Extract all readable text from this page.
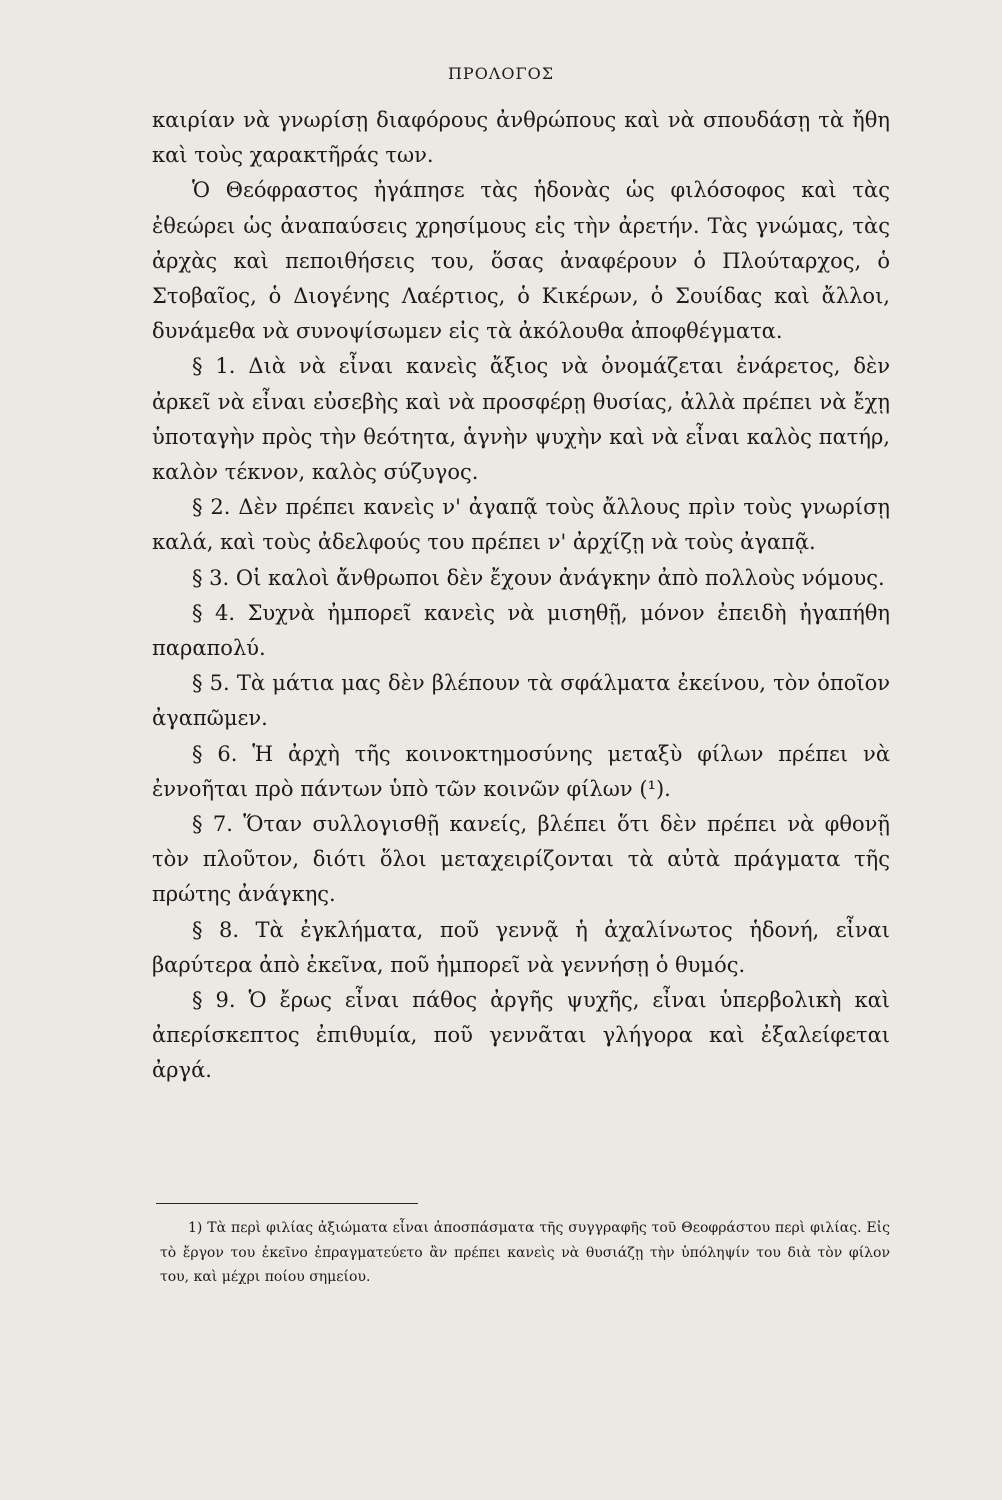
ΠΡΟΛΟΓΟΣ

καιρίαν νὰ γνωρίσῃ διαφόρους ἀνθρώπους καὶ νὰ σπουδάσῃ τὰ ἤθη καὶ τοὺς χαρακτῆράς των.

Ὁ Θεόφραστος ἠγάπησε τὰς ἡδονὰς ὡς φιλόσοφος καὶ τὰς ἐθεώρει ὡς ἀναπαύσεις χρησίμους εἰς τὴν ἀρετήν. Τὰς γνώμας, τὰς ἀρχὰς καὶ πεποιθήσεις του, ὅσας ἀναφέρουν ὁ Πλούταρχος, ὁ Στοβαῖος, ὁ Διογένης Λαέρτιος, ὁ Κικέρων, ὁ Σουίδας καὶ ἄλλοι, δυνάμεθα νὰ συνοψίσωμεν εἰς τὰ ἀκόλουθα ἀποφθέγματα.

§ 1. Διὰ νὰ εἶναι κανεὶς ἄξιος νὰ ὀνομάζεται ἐνάρετος, δὲν ἀρκεῖ νὰ εἶναι εὐσεβὴς καὶ νὰ προσφέρῃ θυσίας, ἀλλὰ πρέπει νὰ ἔχῃ ὑποταγὴν πρὸς τὴν θεότητα, ἁγνὴν ψυχὴν καὶ νὰ εἶναι καλὸς πατήρ, καλὸν τέκνον, καλὸς σύζυγος.

§ 2. Δὲν πρέπει κανεὶς ν' ἀγαπᾷ τοὺς ἄλλους πρὶν τοὺς γνωρίσῃ καλά, καὶ τοὺς ἀδελφούς του πρέπει ν' ἀρχίζῃ νὰ τοὺς ἀγαπᾷ.

§ 3. Οἱ καλοὶ ἄνθρωποι δὲν ἔχουν ἀνάγκην ἀπὸ πολλοὺς νόμους.

§ 4. Συχνὰ ἠμπορεῖ κανεὶς νὰ μισηθῇ, μόνον ἐπειδὴ ἠγαπήθη παραπολύ.

§ 5. Τὰ μάτια μας δὲν βλέπουν τὰ σφάλματα ἐκείνου, τὸν ὁποῖον ἀγαπῶμεν.

§ 6. Ἡ ἀρχὴ τῆς κοινοκτημοσύνης μεταξὺ φίλων πρέπει νὰ ἐννοῆται πρὸ πάντων ὑπὸ τῶν κοινῶν φίλων (¹).

§ 7. Ὅταν συλλογισθῇ κανείς, βλέπει ὅτι δὲν πρέπει νὰ φθονῇ τὸν πλοῦτον, διότι ὅλοι μεταχειρίζονται τὰ αὐτὰ πράγματα τῆς πρώτης ἀνάγκης.

§ 8. Τὰ ἐγκλήματα, ποῦ γεννᾷ ἡ ἀχαλίνωτος ἡδονή, εἶναι βαρύτερα ἀπὸ ἐκεῖνα, ποῦ ἠμπορεῖ νὰ γεννήσῃ ὁ θυμός.

§ 9. Ὁ ἔρως εἶναι πάθος ἀργῆς ψυχῆς, εἶναι ὑπερβολικὴ καὶ ἀπερίσκεπτος ἐπιθυμία, ποῦ γεννᾶται γλήγορα καὶ ἐξαλείφεται ἀργά.

1) Τὰ περὶ φιλίας ἀξιώματα εἶναι ἀποσπάσματα τῆς συγγραφῆς τοῦ Θεοφράστου περὶ φιλίας. Εἰς τὸ ἔργον του ἐκεῖνο ἐπραγματεύετο ἂν πρέπει κανεὶς νὰ θυσιάζῃ τὴν ὑπόληψίν του διὰ τὸν φίλον του, καὶ μέχρι ποίου σημείου.
